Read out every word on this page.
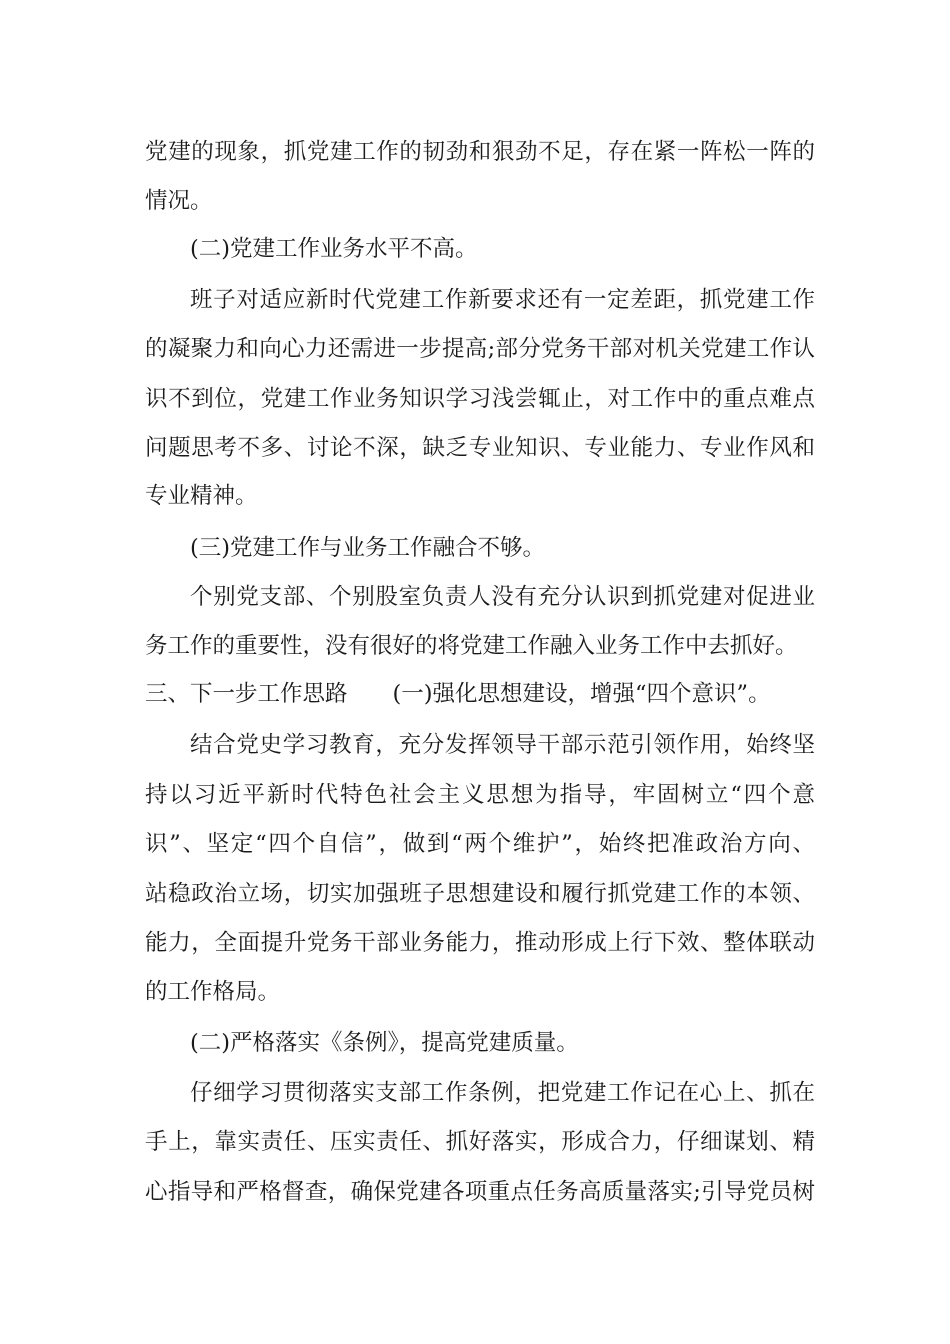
党建的现象，抓党建工作的韧劲和狠劲不足，存在紧一阵松一阵的
情况。
(二)党建工作业务水平不高。
班子对适应新时代党建工作新要求还有一定差距，抓党建工作
的凝聚力和向心力还需进一步提高;部分党务干部对机关党建工作认
识不到位，党建工作业务知识学习浅尝辄止，对工作中的重点难点
问题思考不多、讨论不深，缺乏专业知识、专业能力、专业作风和
专业精神。
(三)党建工作与业务工作融合不够。
个别党支部、个别股室负责人没有充分认识到抓党建对促进业
务工作的重要性，没有很好的将党建工作融入业务工作中去抓好。
三、下一步工作思路　　(一)强化思想建设，增强“四个意识”。
结合党史学习教育，充分发挥领导干部示范引领作用，始终坚
持以习近平新时代特色社会主义思想为指导，牢固树立“四个意
识”、坚定“四个自信”，做到“两个维护”，始终把准政治方向、
站稳政治立场，切实加强班子思想建设和履行抓党建工作的本领、
能力，全面提升党务干部业务能力，推动形成上行下效、整体联动
的工作格局。
(二)严格落实《条例》，提高党建质量。
仔细学习贯彻落实支部工作条例，把党建工作记在心上、抓在
手上，靠实责任、压实责任、抓好落实，形成合力，仔细谋划、精
心指导和严格督查，确保党建各项重点任务高质量落实;引导党员树
